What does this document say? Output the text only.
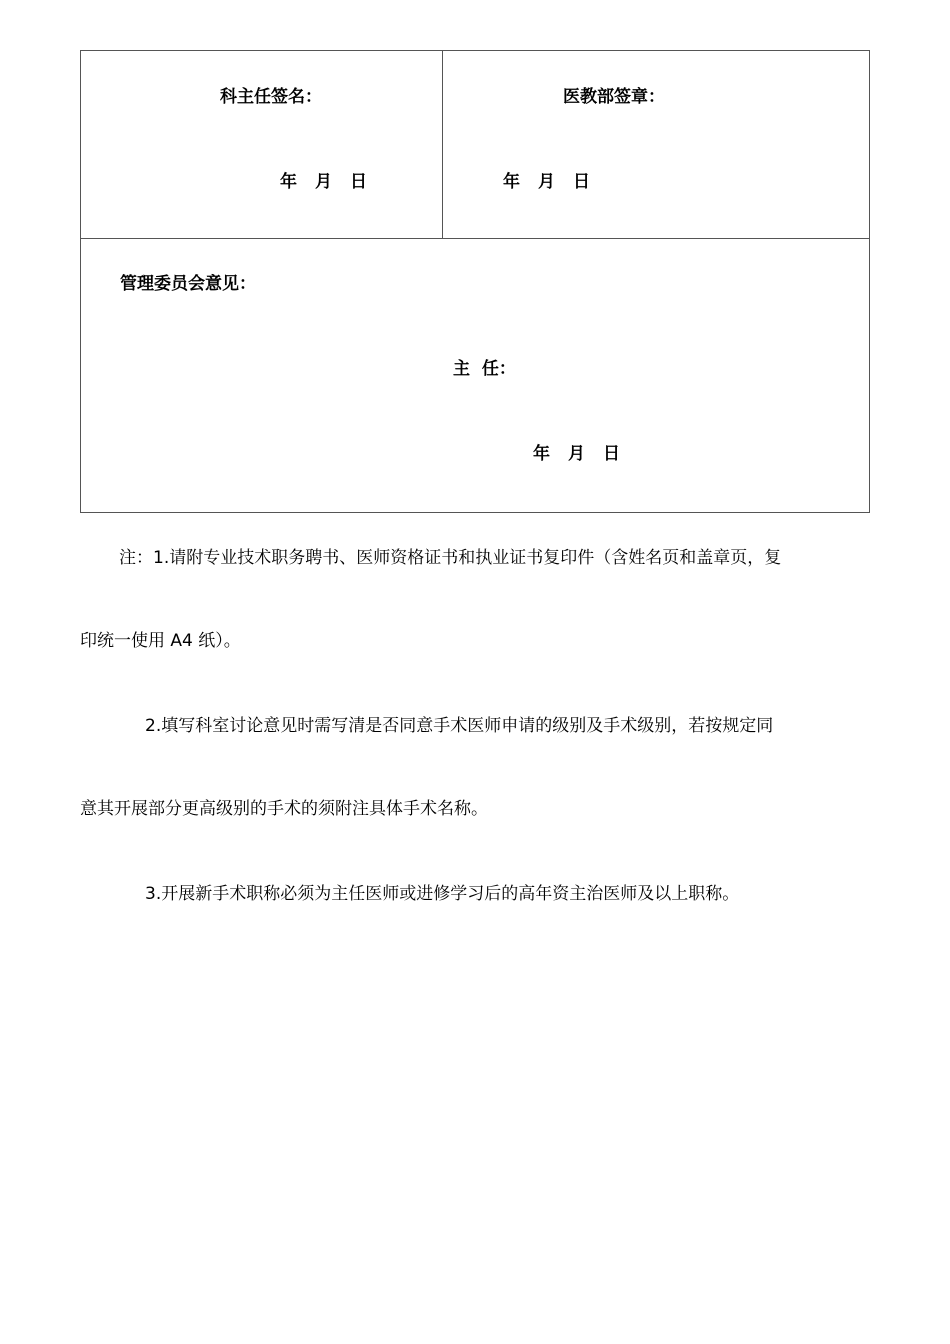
科主任签名：
年 月 日
医教部签章：
年 月 日
管理委员会意见：
主  任：
年 月 日
注：1.请附专业技术职务聘书、医师资格证书和执业证书复印件（含姓名页和盖章页，复
印统一使用 A4 纸）。
2.填写科室讨论意见时需写清是否同意手术医师申请的级别及手术级别，若按规定同
意其开展部分更高级别的手术的须附注具体手术名称。
3.开展新手术职称必须为主任医师或进修学习后的高年资主治医师及以上职称。
